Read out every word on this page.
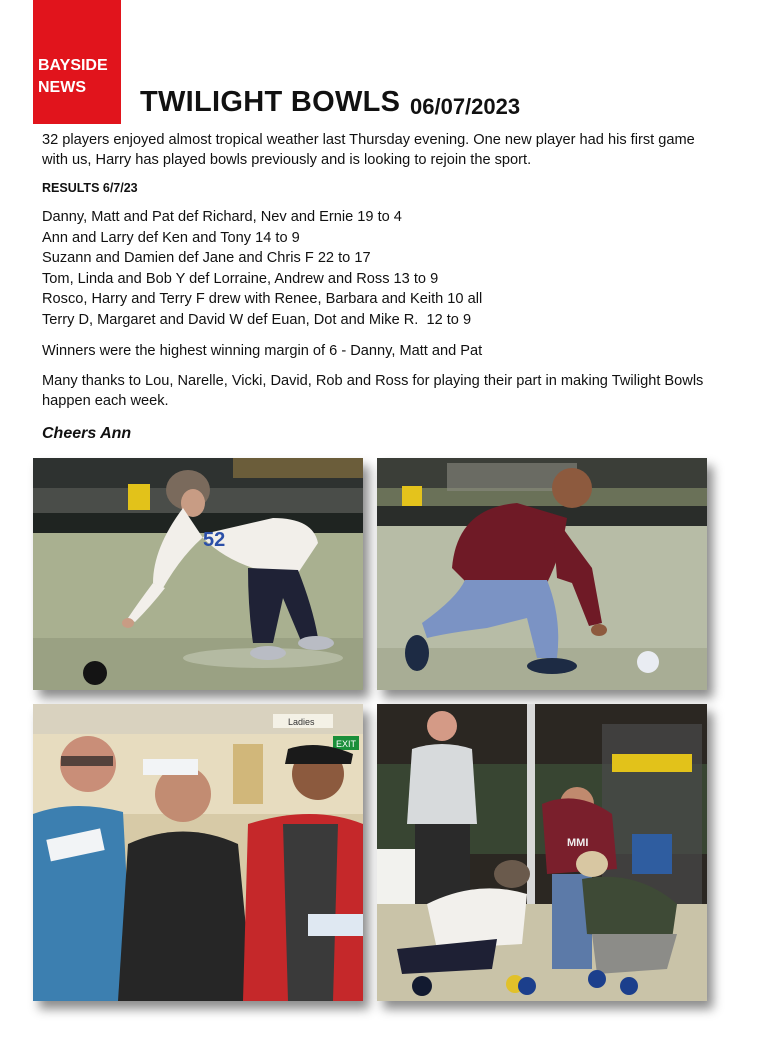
BAYSIDE
NEWS	TWILIGHT BOWLS 06/07/2023
32 players enjoyed almost tropical weather last Thursday evening. One new player had his first game with us, Harry has played bowls previously and is looking to rejoin the sport.
RESULTS 6/7/23
Danny, Matt and Pat def Richard, Nev and Ernie 19 to 4
Ann and Larry def Ken and Tony 14 to 9
Suzann and Damien def Jane and Chris F 22 to 17
Tom, Linda and Bob Y def Lorraine, Andrew and Ross 13 to 9
Rosco, Harry and Terry F drew with Renee, Barbara and Keith 10 all
Terry D, Margaret and David W def Euan, Dot and Mike R.  12 to 9
Winners were the highest winning margin of 6 - Danny, Matt and Pat
Many thanks to Lou, Narelle, Vicki, David, Rob and Ross for playing their part in making Twilight Bowls happen each week.
Cheers Ann
52
Ladies
EXIT
MMI
